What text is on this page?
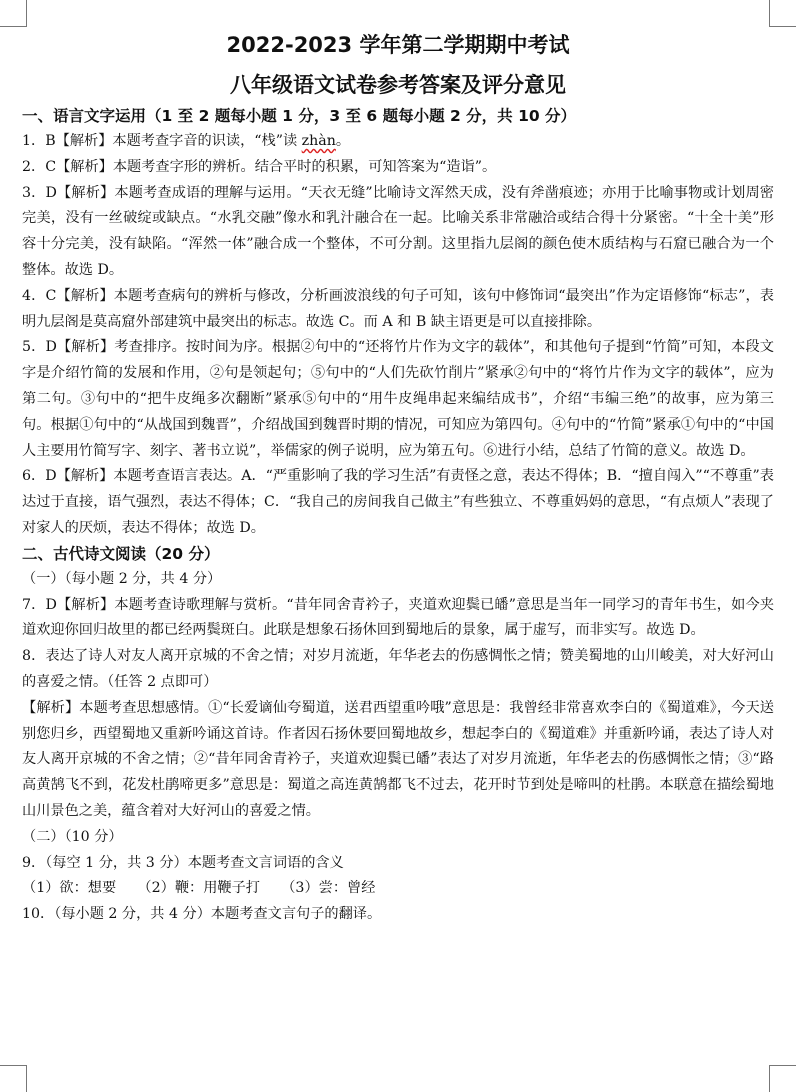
2022-2023 学年第二学期期中考试
八年级语文试卷参考答案及评分意见
一、语言文字运用（1 至 2 题每小题 1 分，3 至 6 题每小题 2 分，共 10 分）

1．B【解析】本题考查字音的识读，“栈”读 zhàn。

2．C【解析】本题考查字形的辨析。结合平时的积累，可知答案为“造诣”。

3．D【解析】本题考查成语的理解与运用。“天衣无缝”比喻诗文浑然天成，没有斧凿痕迹；亦用于比喻事物或计划周密完美，没有一丝破绽或缺点。“水乳交融”像水和乳汁融合在一起。比喻关系非常融洽或结合得十分紧密。“十全十美”形容十分完美，没有缺陷。“浑然一体”融合成一个整体，不可分割。这里指九层阁的颜色使木质结构与石窟已融合为一个整体。故选 D。

4．C【解析】本题考查病句的辨析与修改，分析画波浪线的句子可知，该句中修饰词“最突出”作为定语修饰“标志”，表明九层阁是莫高窟外部建筑中最突出的标志。故选 C。而 A 和 B 缺主语更是可以直接排除。

5．D【解析】考查排序。按时间为序。根据②句中的“还将竹片作为文字的载体”，和其他句子提到“竹简”可知，本段文字是介绍竹简的发展和作用，②句是领起句；⑤句中的“人们先砍竹削片”紧承②句中的“将竹片作为文字的载体”，应为第二句。③句中的“把牛皮绳多次翻断”紧承⑤句中的“用牛皮绳串起来编结成书”，介绍“韦编三绝”的故事，应为第三句。根据①句中的“从战国到魏晋”，介绍战国到魏晋时期的情况，可知应为第四句。④句中的“竹简”紧承①句中的“中国人主要用竹简写字、刻字、著书立说”，举儒家的例子说明，应为第五句。⑥进行小结，总结了竹简的意义。故选 D。

6．D【解析】本题考查语言表达。A．“严重影响了我的学习生活”有责怪之意，表达不得体；B．“擅自闯入”“不尊重”表达过于直接，语气强烈，表达不得体；C．“我自己的房间我自己做主”有些独立、不尊重妈妈的意思，“有点烦人”表现了对家人的厌烦，表达不得体；故选 D。

二、古代诗文阅读（20 分）

（一）（每小题 2 分，共 4 分）

7．D【解析】本题考查诗歌理解与赏析。“昔年同舍青衿子，夹道欢迎鬓已皤”意思是当年一同学习的青年书生，如今夹道欢迎你回归故里的都已经两鬓斑白。此联是想象石扬休回到蜀地后的景象，属于虚写，而非实写。故选 D。

8．表达了诗人对友人离开京城的不舍之情；对岁月流逝，年华老去的伤感惆怅之情；赞美蜀地的山川峻美，对大好河山的喜爱之情。（任答 2 点即可）

【解析】本题考查思想感情。①“长爱谪仙夸蜀道，送君西望重吟哦”意思是：我曾经非常喜欢李白的《蜀道难》，今天送别您归乡，西望蜀地又重新吟诵这首诗。作者因石扬休要回蜀地故乡，想起李白的《蜀道难》并重新吟诵，表达了诗人对友人离开京城的不舍之情；②“昔年同舍青衿子，夹道欢迎鬓已皤”表达了对岁月流逝，年华老去的伤感惆怅之情；③“路高黄鹄飞不到，花发杜鹃啼更多”意思是：蜀道之高连黄鹄都飞不过去，花开时节到处是啼叫的杜鹃。本联意在描绘蜀地山川景色之美，蕴含着对大好河山的喜爱之情。

（二）（10 分）

9．（每空 1 分，共 3 分）本题考查文言词语的含义

（1）欲：想要　　（2）鞭：用鞭子打　　（3）尝：曾经

10．（每小题 2 分，共 4 分）本题考查文言句子的翻译。
